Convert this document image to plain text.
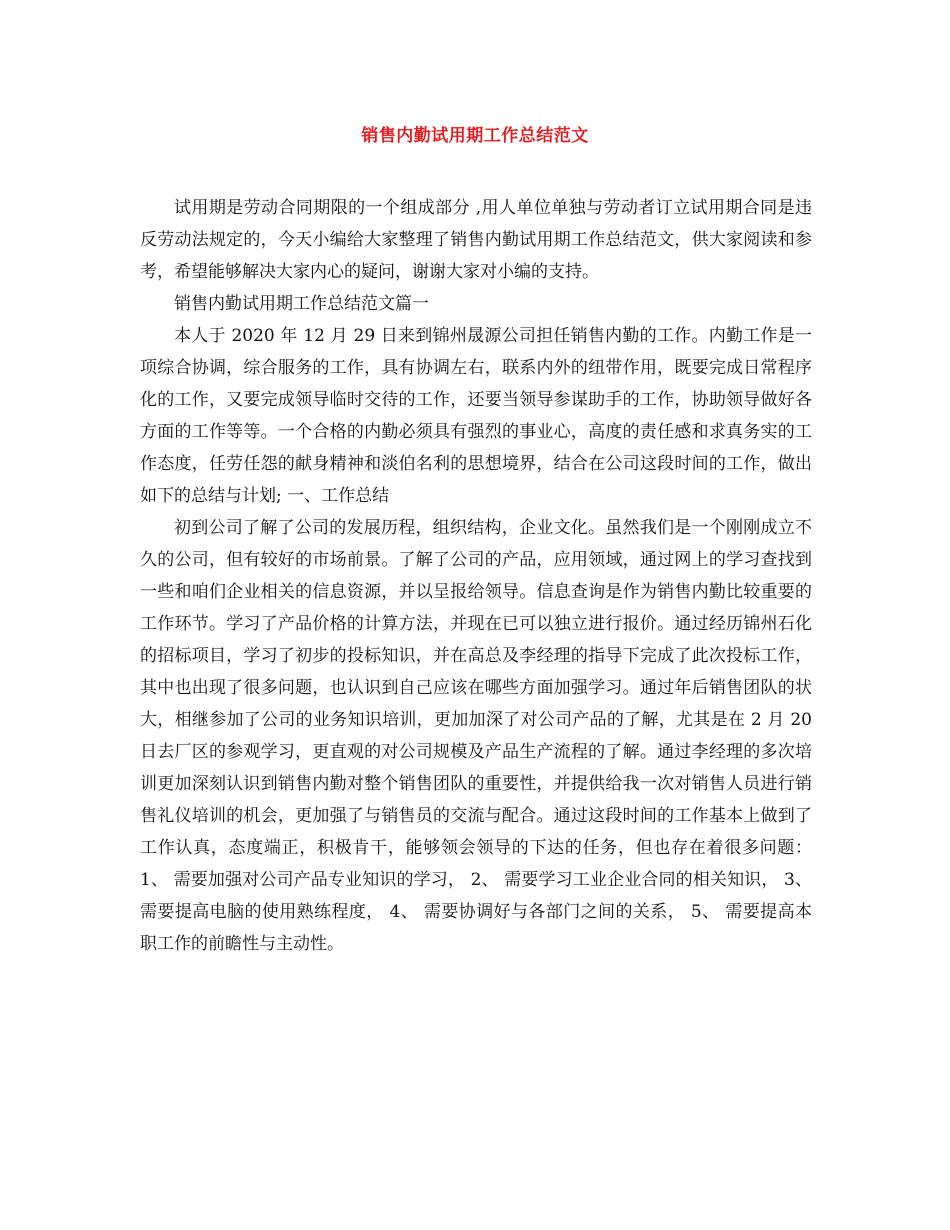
销售内勤试用期工作总结范文

试用期是劳动合同期限的一个组成部分 ,用人单位单独与劳动者订立试用期合同是违反劳动法规定的，今天小编给大家整理了销售内勤试用期工作总结范文，供大家阅读和参考，希望能够解决大家内心的疑问，谢谢大家对小编的支持。

销售内勤试用期工作总结范文篇一

本人于 2020 年 12 月 29 日来到锦州晟源公司担任销售内勤的工作。内勤工作是一项综合协调，综合服务的工作，具有协调左右，联系内外的纽带作用，既要完成日常程序化的工作，又要完成领导临时交待的工作，还要当领导参谋助手的工作，协助领导做好各方面的工作等等。一个合格的内勤必须具有强烈的事业心，高度的责任感和求真务实的工作态度，任劳任怨的献身精神和淡伯名利的思想境界，结合在公司这段时间的工作，做出如下的总结与计划; 一、工作总结

初到公司了解了公司的发展历程，组织结构，企业文化。虽然我们是一个刚刚成立不久的公司，但有较好的市场前景。了解了公司的产品，应用领域，通过网上的学习查找到一些和咱们企业相关的信息资源，并以呈报给领导。信息查询是作为销售内勤比较重要的工作环节。学习了产品价格的计算方法，并现在已可以独立进行报价。通过经历锦州石化的招标项目，学习了初步的投标知识，并在高总及李经理的指导下完成了此次投标工作，其中也出现了很多问题，也认识到自己应该在哪些方面加强学习。通过年后销售团队的状大，相继参加了公司的业务知识培训，更加加深了对公司产品的了解，尤其是在 2 月 20 日去厂区的参观学习，更直观的对公司规模及产品生产流程的了解。通过李经理的多次培训更加深刻认识到销售内勤对整个销售团队的重要性，并提供给我一次对销售人员进行销售礼仪培训的机会，更加强了与销售员的交流与配合。通过这段时间的工作基本上做到了工作认真，态度端正，积极肯干，能够领会领导的下达的任务，但也存在着很多问题： 1、 需要加强对公司产品专业知识的学习， 2、 需要学习工业企业合同的相关知识， 3、 需要提高电脑的使用熟练程度， 4、 需要协调好与各部门之间的关系， 5、 需要提高本职工作的前瞻性与主动性。
